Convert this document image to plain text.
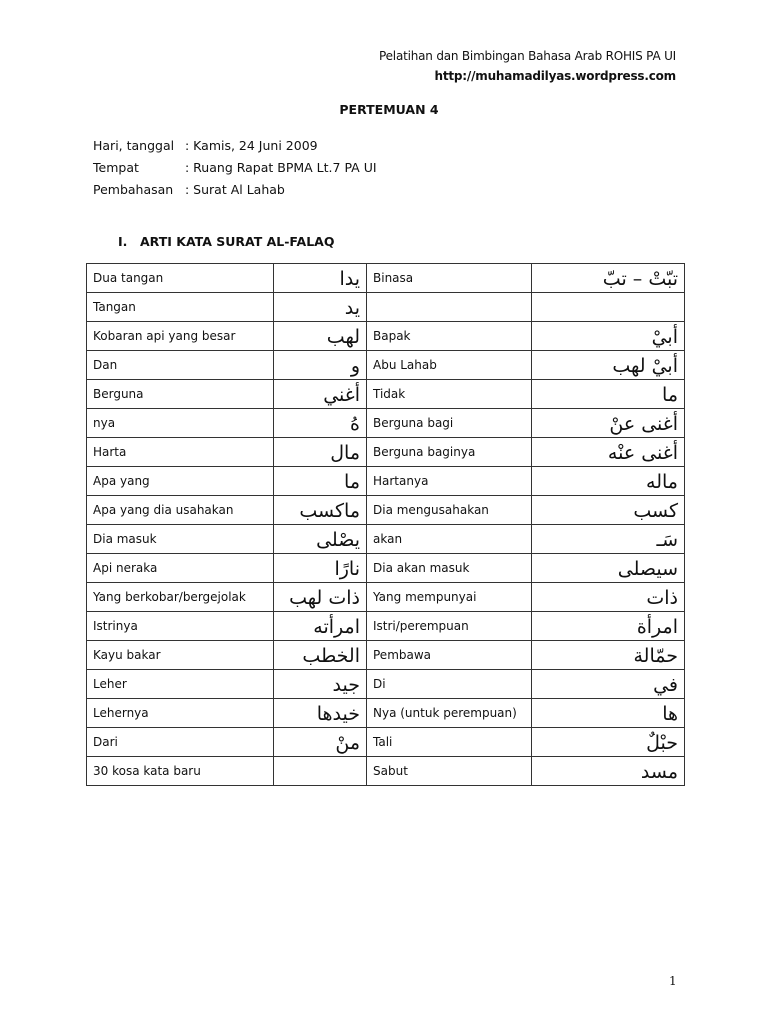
Pelatihan dan Bimbingan Bahasa Arab ROHIS PA UI
http://muhamadilyas.wordpress.com
PERTEMUAN 4
Hari, tanggal : Kamis, 24 Juni 2009
Tempat	: Ruang Rapat BPMA Lt.7 PA UI
Pembahasan : Surat Al Lahab
I.	ARTI KATA SURAT AL-FALAQ
Dua tangan	يدا	Binasa	تبّتْ – تبّ
Tangan	يد		
Kobaran api yang besar	لهب	Bapak	أبيْ
Dan	و	Abu Lahab	أبيْ لهب
Berguna	أغني	Tidak	ما
nya	هُ	Berguna bagi	أغنى عنْ
Harta	مال	Berguna baginya	أغنى عنْه
Apa yang	ما	Hartanya	ماله
Apa yang dia usahakan	ماكسب	Dia mengusahakan	كسب
Dia masuk	يصْلى	akan	سَـ
Api neraka	نارًا	Dia akan masuk	سيصلى
Yang berkobar/bergejolak	ذات لهب	Yang mempunyai	ذات
Istrinya	امرأته	Istri/perempuan	امرأة
Kayu bakar	الخطب	Pembawa	حمّالة
Leher	جيد	Di	في
Lehernya	خيدها	Nya (untuk perempuan)	ها
Dari	منْ	Tali	حبْلٌ
30 kosa kata baru		Sabut	مسد
1
